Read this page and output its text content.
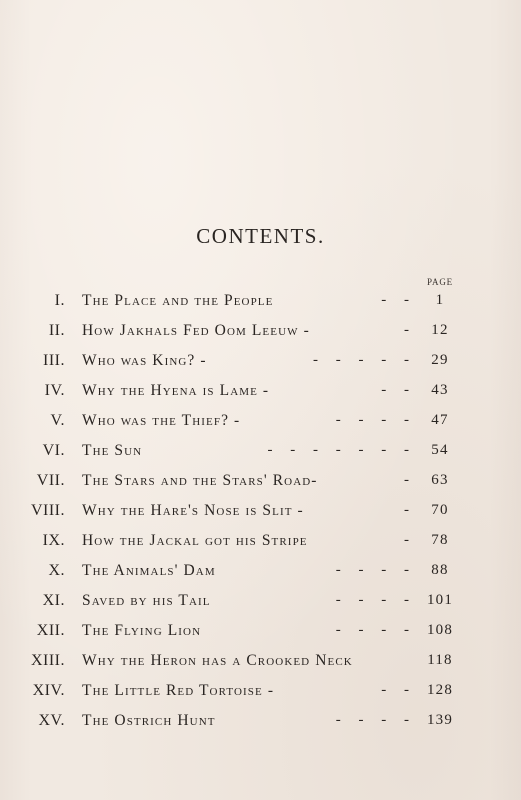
CONTENTS.
PAGE
I. The Place and the People	- -	1
II. How Jakhals Fed Oom Leeuw -	-	12
III. Who was King? -	- - - - -	29
IV. Why the Hyena is Lame -	- -	43
V. Who was the Thief? -	- - - -	47
VI. The Sun	- - - - - - -	54
VII. The Stars and the Stars' Road-	-	63
VIII. Why the Hare's Nose is Slit -	-	70
IX. How the Jackal got his Stripe	-	78
X. The Animals' Dam	- - - -	88
XI. Saved by his Tail	- - - -	101
XII. The Flying Lion	- - - -	108
XIII. Why the Heron has a Crooked Neck	118
XIV. The Little Red Tortoise -	- -	128
XV. The Ostrich Hunt	- - - -	139
